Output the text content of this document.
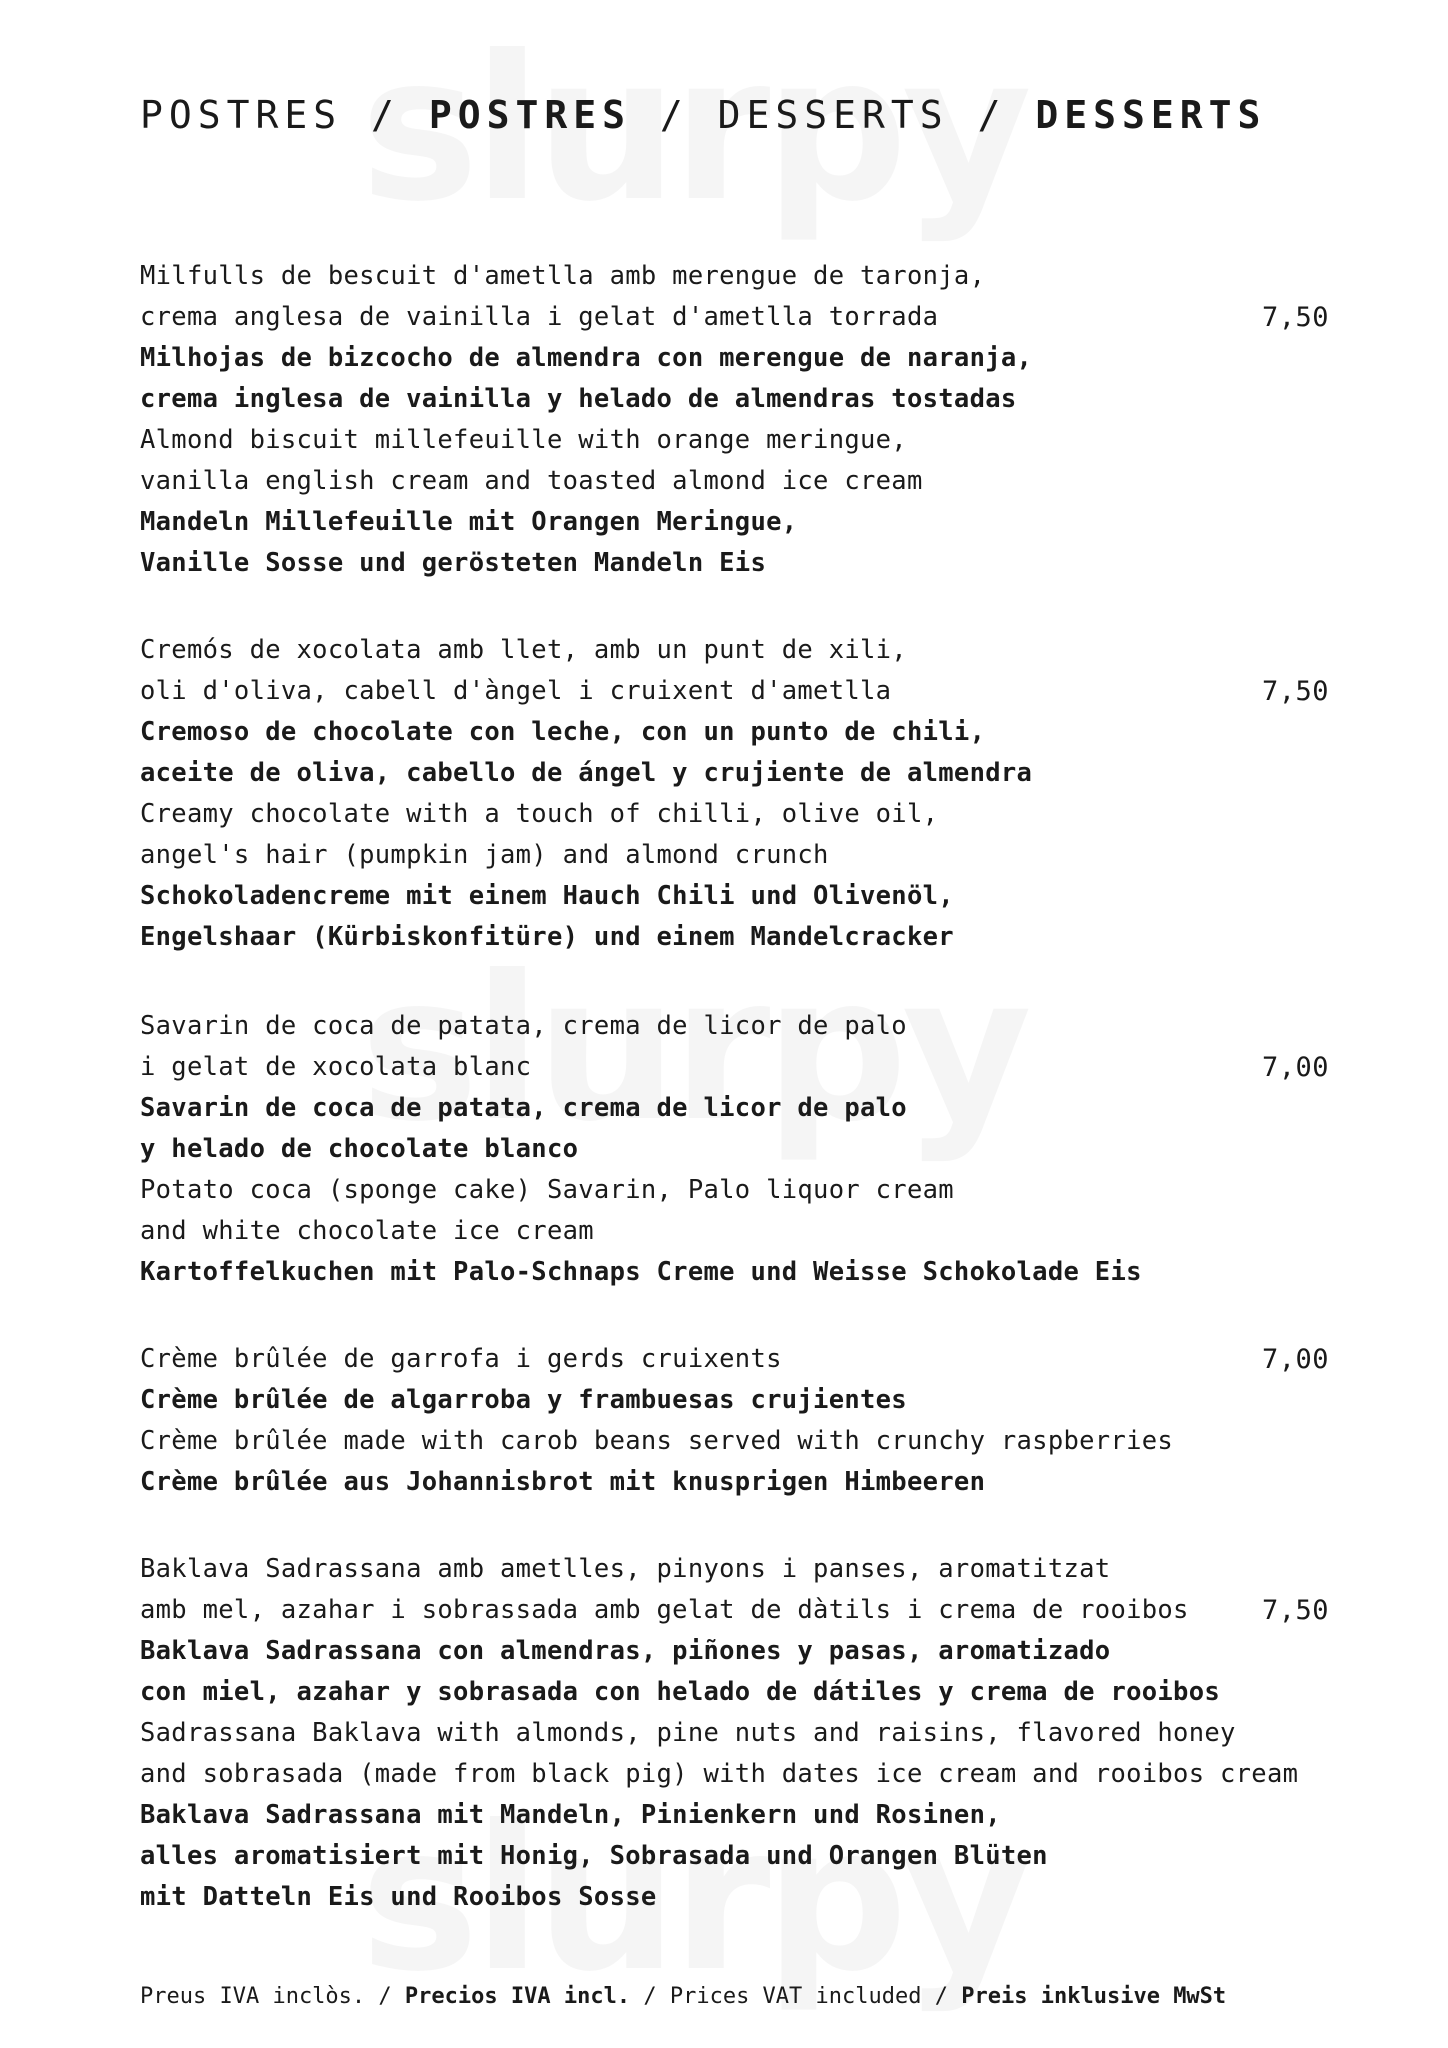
POSTRES / POSTRES / DESSERTS / DESSERTS
Milfulls de bescuit d'ametlla amb merengue de taronja,
crema anglesa de vainilla i gelat d'ametlla torrada
Milhojas de bizcocho de almendra con merengue de naranja,
crema inglesa de vainilla y helado de almendras tostadas
Almond biscuit millefeuille with orange meringue,
vanilla english cream and toasted almond ice cream
Mandeln Millefeuille mit Orangen Meringue,
Vanille Sosse und gerösteten Mandeln Eis
7,50
Cremós de xocolata amb llet, amb un punt de xili,
oli d'oliva, cabell d'àngel i cruixent d'ametlla
Cremoso de chocolate con leche, con un punto de chili,
aceite de oliva, cabello de ángel y crujiente de almendra
Creamy chocolate with a touch of chilli, olive oil,
angel's hair (pumpkin jam) and almond crunch
Schokoladencreme mit einem Hauch Chili und Olivenöl,
Engelshaar (Kürbiskonfitüre) und einem Mandelcracker
7,50
Savarin de coca de patata, crema de licor de palo
i gelat de xocolata blanc
Savarin de coca de patata, crema de licor de palo
y helado de chocolate blanco
Potato coca (sponge cake) Savarin, Palo liquor cream
and white chocolate ice cream
Kartoffelkuchen mit Palo-Schnaps Creme und Weisse Schokolade Eis
7,00
Crème brûlée de garrofa i gerds cruixents
Crème brûlée de algarroba y frambuesas crujientes
Crème brûlée made with carob beans served with crunchy raspberries
Crème brûlée aus Johannisbrot mit knusprigen Himbeeren
7,00
Baklava Sadrassana amb ametlles, pinyons i panses, aromatitzat
amb mel, azahar i sobrassada amb gelat de dàtils i crema de rooibos
Baklava Sadrassana con almendras, piñones y pasas, aromatizado
con miel, azahar y sobrasada con helado de dátiles y crema de rooibos
Sadrassana Baklava with almonds, pine nuts and raisins, flavored honey
and sobrasada (made from black pig) with dates ice cream and rooibos cream
Baklava Sadrassana mit Mandeln, Pinienkern und Rosinen,
alles aromatisiert mit Honig, Sobrasada und Orangen Blüten
mit Datteln Eis und Rooibos Sosse
7,50
Preus IVA inclòs. / Precios IVA incl. / Prices VAT included / Preis inklusive MwSt
